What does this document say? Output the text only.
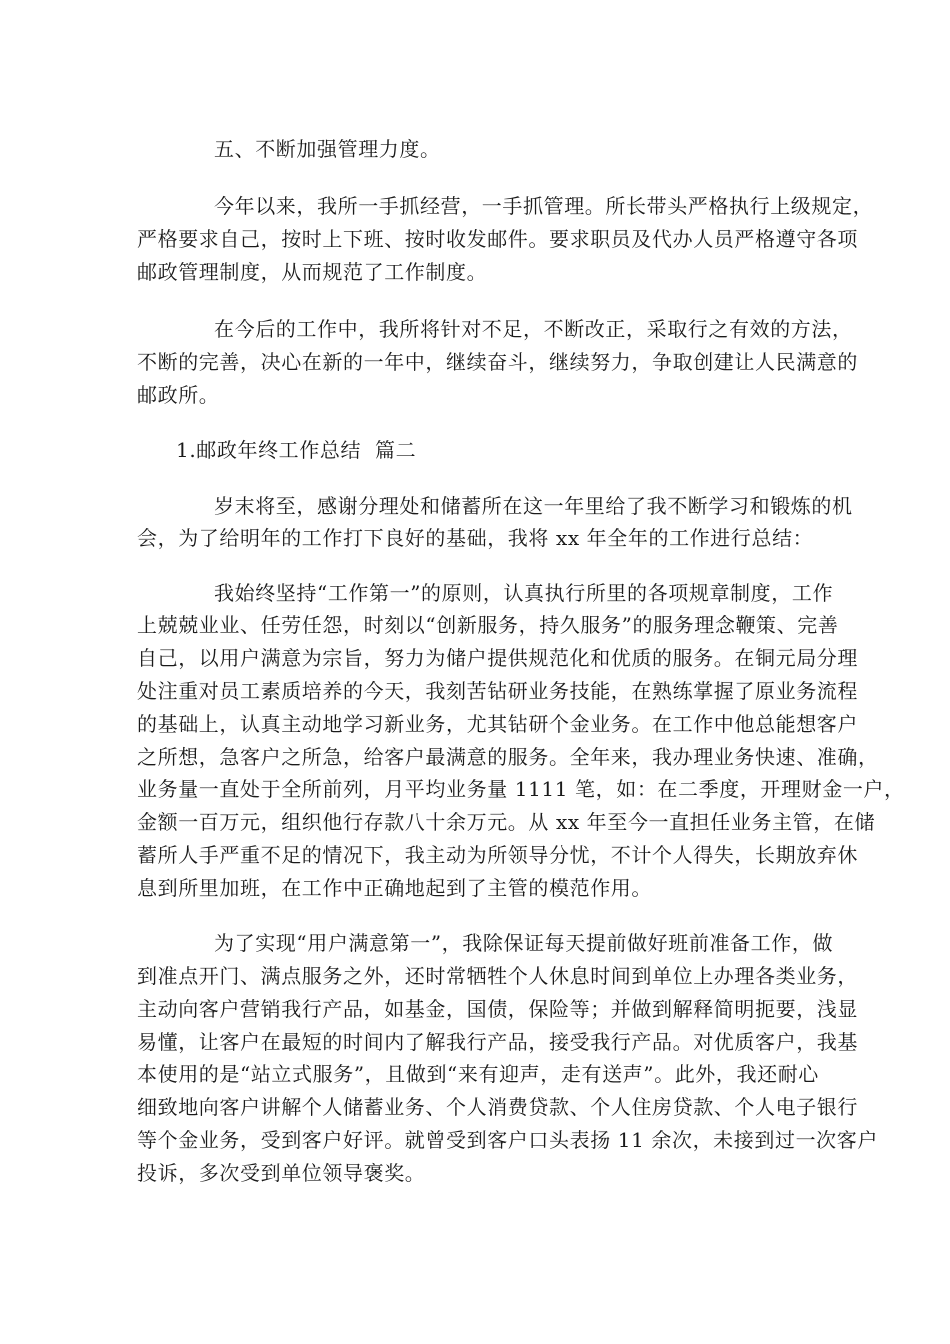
五、不断加强管理力度。
今年以来，我所一手抓经营，一手抓管理。所长带头严格执行上级规定，
严格要求自己，按时上下班、按时收发邮件。要求职员及代办人员严格遵守各项
邮政管理制度，从而规范了工作制度。
在今后的工作中，我所将针对不足，不断改正，采取行之有效的方法，
不断的完善，决心在新的一年中，继续奋斗，继续努力，争取创建让人民满意的
邮政所。
1.邮政年终工作总结  篇二
岁末将至，感谢分理处和储蓄所在这一年里给了我不断学习和锻炼的机
会，为了给明年的工作打下良好的基础，我将 xx 年全年的工作进行总结：
我始终坚持“工作第一”的原则，认真执行所里的各项规章制度，工作
上兢兢业业、任劳任怨，时刻以“创新服务，持久服务”的服务理念鞭策、完善
自己，以用户满意为宗旨，努力为储户提供规范化和优质的服务。在铜元局分理
处注重对员工素质培养的今天，我刻苦钻研业务技能，在熟练掌握了原业务流程
的基础上，认真主动地学习新业务，尤其钻研个金业务。在工作中他总能想客户
之所想，急客户之所急，给客户最满意的服务。全年来，我办理业务快速、准确，
业务量一直处于全所前列，月平均业务量 1111 笔，如：在二季度，开理财金一户，
金额一百万元，组织他行存款八十余万元。从 xx 年至今一直担任业务主管，在储
蓄所人手严重不足的情况下，我主动为所领导分忧，不计个人得失，长期放弃休
息到所里加班，在工作中正确地起到了主管的模范作用。
为了实现“用户满意第一”，我除保证每天提前做好班前准备工作，做
到准点开门、满点服务之外，还时常牺牲个人休息时间到单位上办理各类业务，
主动向客户营销我行产品，如基金，国债，保险等；并做到解释简明扼要，浅显
易懂，让客户在最短的时间内了解我行产品，接受我行产品。对优质客户，我基
本使用的是“站立式服务”，且做到“来有迎声，走有送声”。此外，我还耐心
细致地向客户讲解个人储蓄业务、个人消费贷款、个人住房贷款、个人电子银行
等个金业务，受到客户好评。就曾受到客户口头表扬 11 余次，未接到过一次客户
投诉，多次受到单位领导褒奖。
